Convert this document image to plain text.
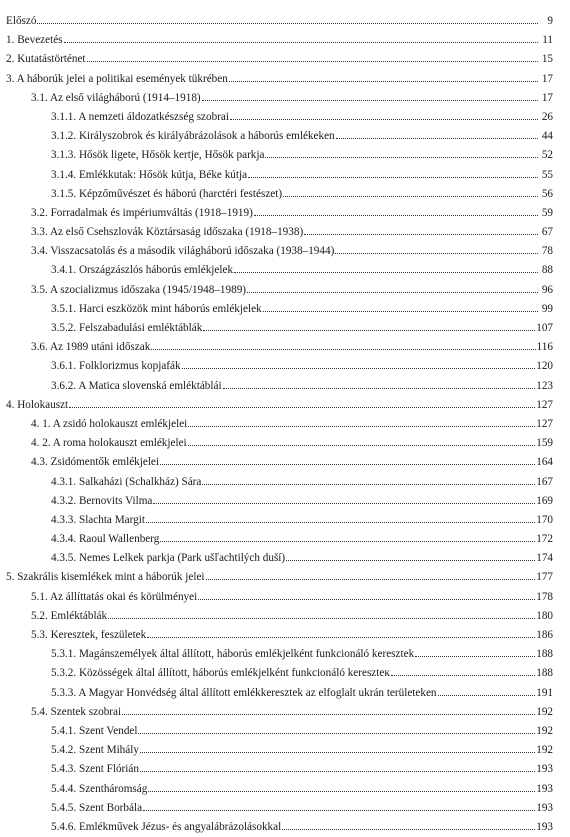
Előszó	9
1. Bevezetés	11
2. Kutatástörténet	15
3. A háborúk jelei a politikai események tükrében	17
3.1. Az első világháború (1914–1918)	17
3.1.1. A nemzeti áldozatkészség szobrai	26
3.1.2. Királyszobrok és királyábrázolások a háborús emlékeken	44
3.1.3. Hősök ligete, Hősök kertje, Hősök parkja	52
3.1.4. Emlékkutak: Hősök kútja, Béke kútja	55
3.1.5. Képzőművészet és háború (harctéri festészet)	56
3.2. Forradalmak és impériumváltás (1918–1919)	59
3.3. Az első Csehszlovák Köztársaság időszaka (1918–1938)	67
3.4. Visszacsatolás és a második világháború időszaka (1938–1944)	78
3.4.1. Országzászlós háborús emlékjelek	88
3.5. A szocializmus időszaka (1945/1948–1989)	96
3.5.1. Harci eszközök mint háborús emlékjelek	99
3.5.2. Felszabadulási emléktáblák	107
3.6. Az 1989 utáni időszak	116
3.6.1. Folklorizmus kopjafák	120
3.6.2. A Matica slovenská emléktáblái	123
4. Holokauszt	127
4. 1. A zsidó holokauszt emlékjelei	127
4. 2. A roma holokauszt emlékjelei	159
4.3. Zsidómentők emlékjelei	164
4.3.1. Salkaházi (Schalkház) Sára	167
4.3.2. Bernovits Vilma	169
4.3.3. Slachta Margit	170
4.3.4. Raoul Wallenberg	172
4.3.5. Nemes Lelkek parkja (Park ušľachtilých duší)	174
5. Szakrális kisemlékek mint a háborúk jelei	177
5.1. Az állíttatás okai és körülményei	178
5.2. Emléktáblák	180
5.3. Keresztek, feszületek	186
5.3.1. Magánszemélyek által állított, háborús emlékjelként funkcionáló keresztek	188
5.3.2. Közösségek által állított, háborús emlékjelként funkcionáló kereszteк	188
5.3.3. A Magyar Honvédség által állított emlékkeresztek az elfoglalt ukrán területeken	191
5.4. Szentek szobrai	192
5.4.1. Szent Vendel	192
5.4.2. Szent Mihály	192
5.4.3. Szent Flórián	193
5.4.4. Szentháromság	193
5.4.5. Szent Borbála	193
5.4.6. Emlékművek Jézus- és angyalábrázolásokkal	193
